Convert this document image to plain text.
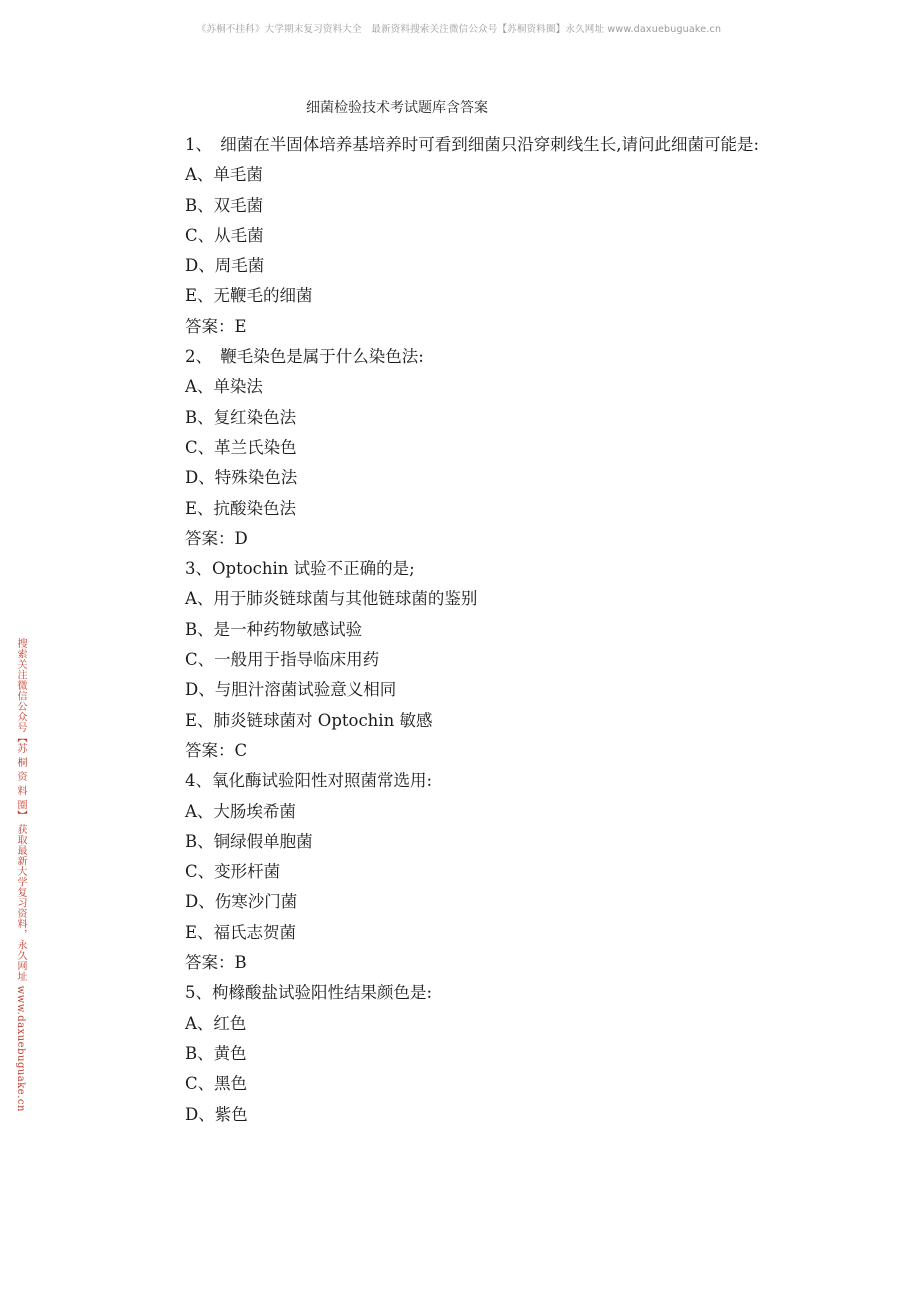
《苏桐不挂科》大学期末复习资料大全　最新资料搜索关注微信公众号【苏桐资料圈】永久网址 www.daxuebuguake.cn
搜索关注微信公众号【苏 桐 资 料 圈】 获取最新大学复习资料，永久网址 www.daxuebuguake.cn
细菌检验技术考试题库含答案

1、　细菌在半固体培养基培养时可看到细菌只沿穿刺线生长,请问此细菌可能是:

A、单毛菌

B、双毛菌

C、从毛菌

D、周毛菌

E、无鞭毛的细菌

答案：E

2、　鞭毛染色是属于什么染色法:

A、单染法

B、复红染色法

C、革兰氏染色

D、特殊染色法

E、抗酸染色法

答案：D

3、Optochin 试验不正确的是;

A、用于肺炎链球菌与其他链球菌的鉴别

B、是一种药物敏感试验

C、一般用于指导临床用药

D、与胆汁溶菌试验意义相同

E、肺炎链球菌对 Optochin 敏感

答案：C

4、氧化酶试验阳性对照菌常选用:

A、大肠埃希菌

B、铜绿假单胞菌

C、变形杆菌

D、伤寒沙门菌

E、福氏志贺菌

答案：B

5、枸橼酸盐试验阳性结果颜色是:

A、红色

B、黄色

C、黑色

D、紫色
